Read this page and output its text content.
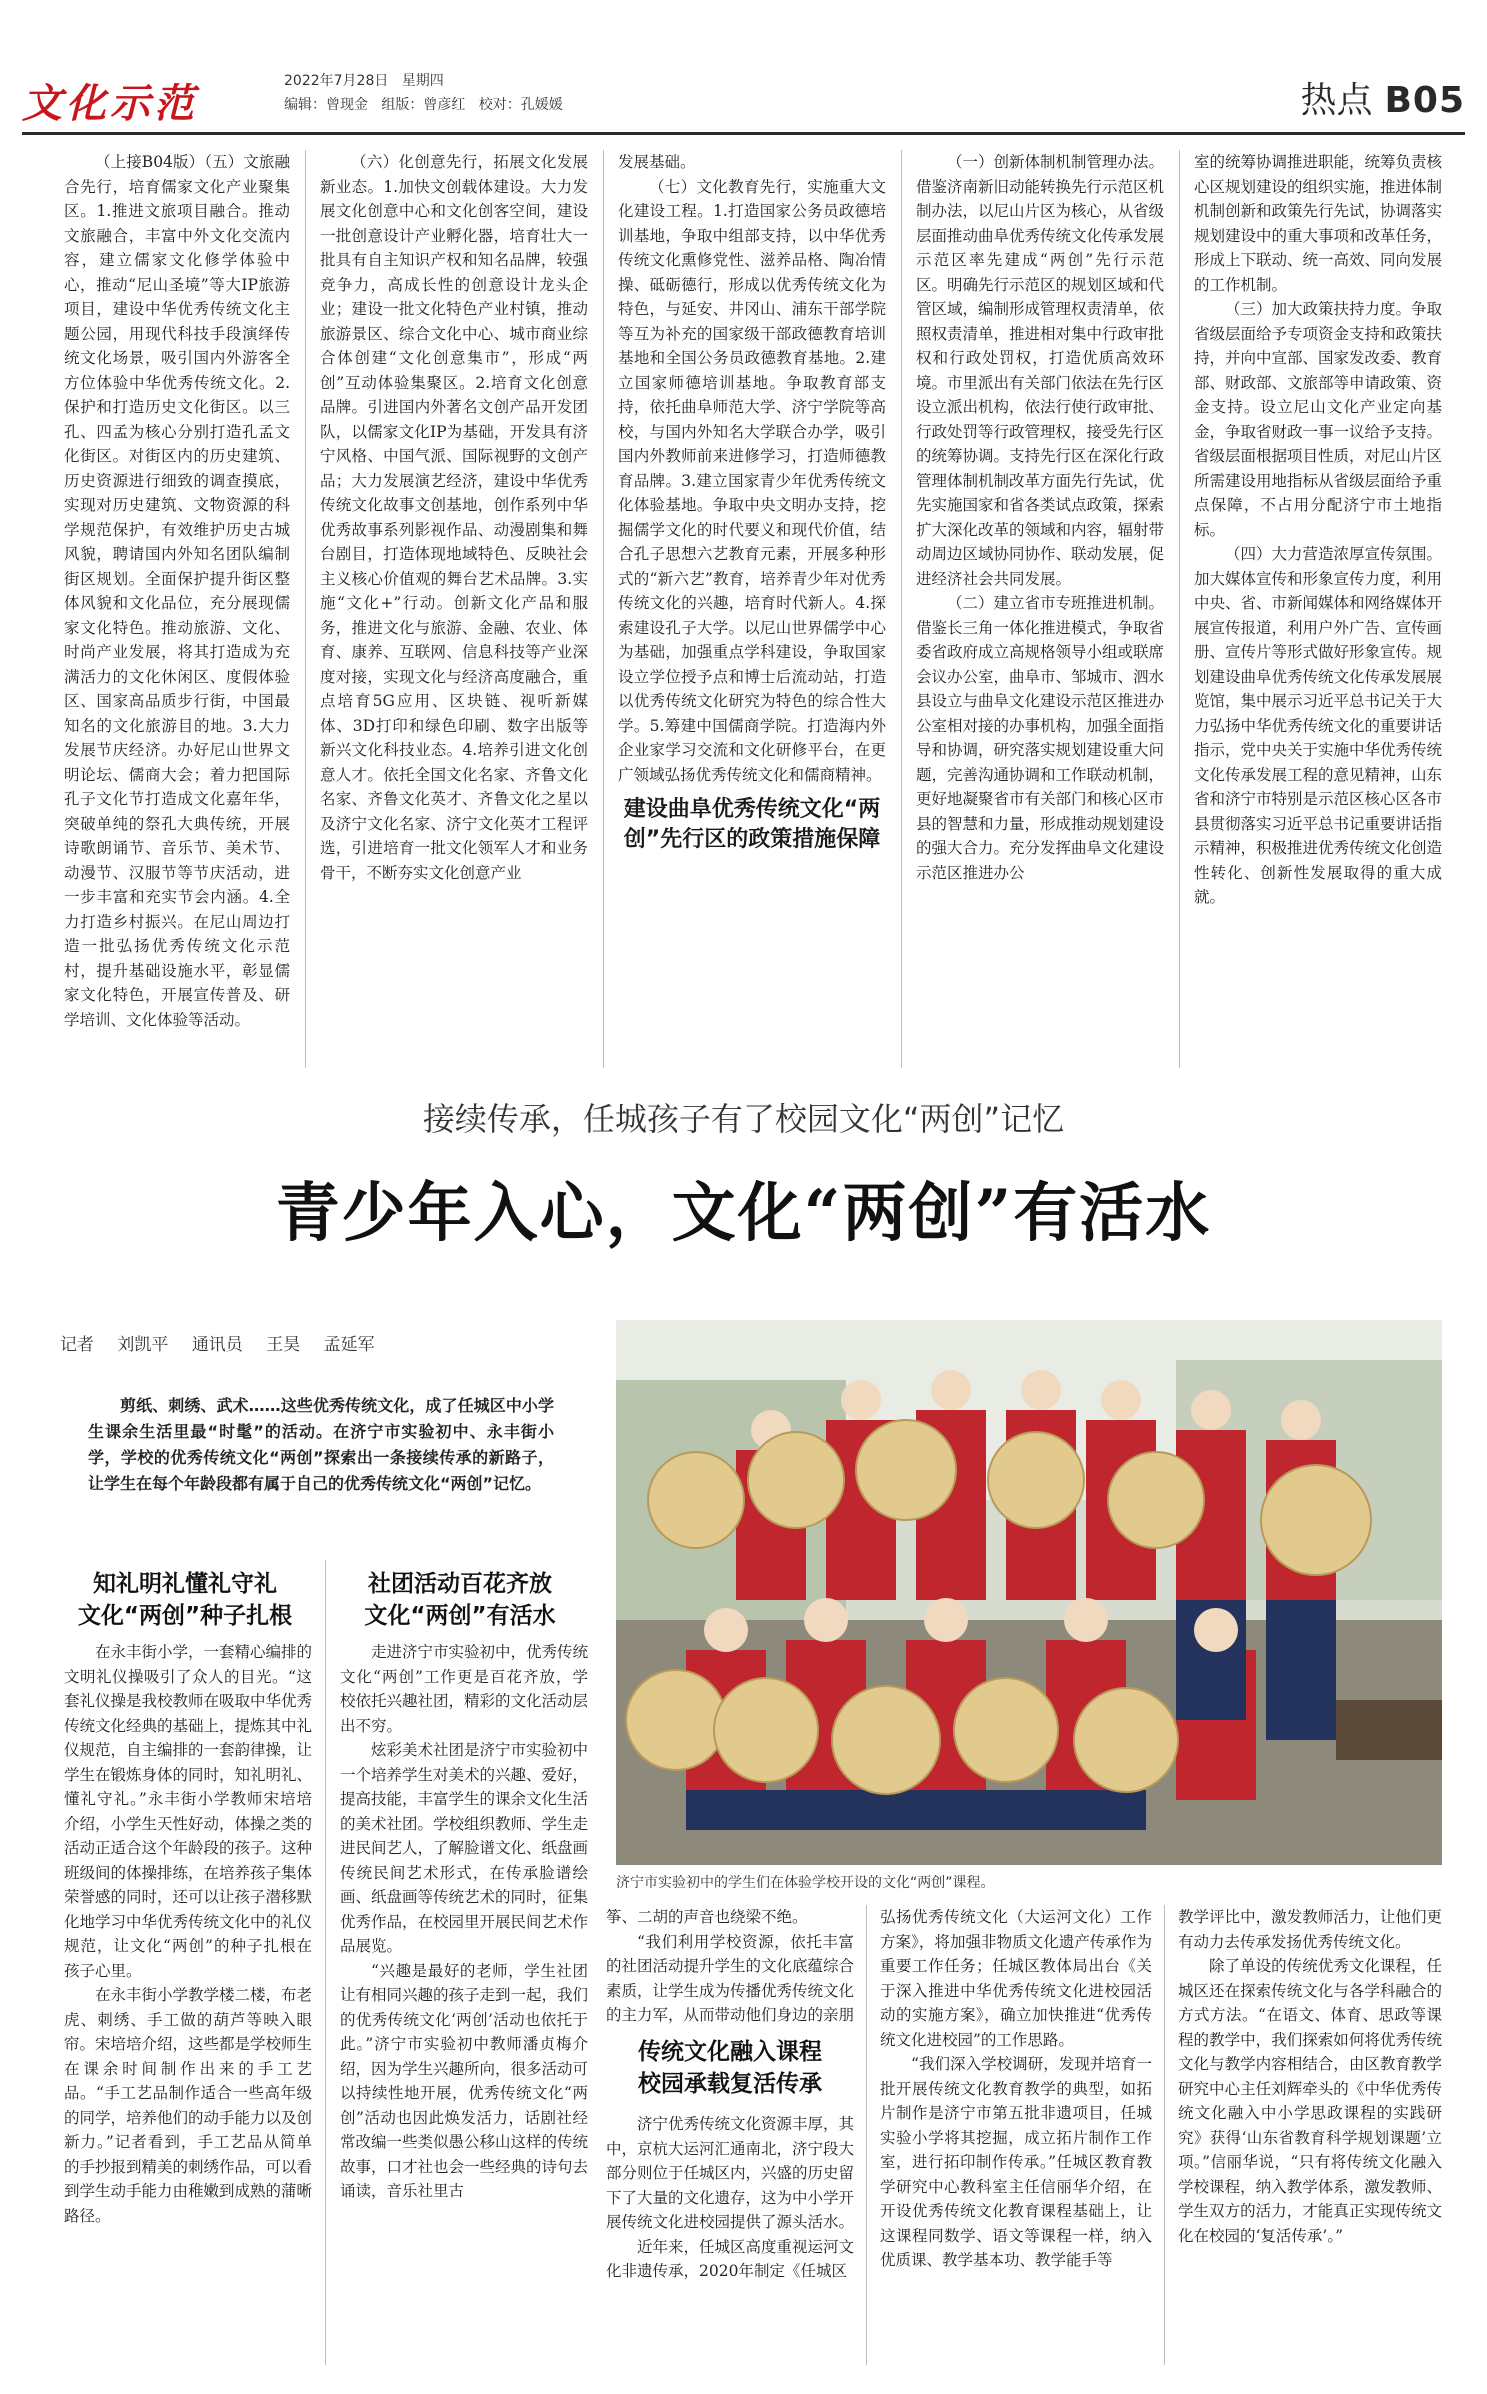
文化示范	2022年7月28日 星期四
编辑：曾现金 组版：曾彦红 校对：孔媛媛	热点 B05

（上接B04版）（五）文旅融合先行，培育儒家文化产业聚集区。1.推进文旅项目融合。推动文旅融合，丰富中外文化交流内容，建立儒家文化修学体验中心，推动“尼山圣境”等大IP旅游项目，建设中华优秀传统文化主题公园，用现代科技手段演绎传统文化场景，吸引国内外游客全方位体验中华优秀传统文化。2.保护和打造历史文化街区。以三孔、四孟为核心分别打造孔孟文化街区。对街区内的历史建筑、历史资源进行细致的调查摸底，实现对历史建筑、文物资源的科学规范保护，有效维护历史古城风貌，聘请国内外知名团队编制街区规划。全面保护提升街区整体风貌和文化品位，充分展现儒家文化特色。推动旅游、文化、时尚产业发展，将其打造成为充满活力的文化休闲区、度假体验区、国家高品质步行街，中国最知名的文化旅游目的地。3.大力发展节庆经济。办好尼山世界文明论坛、儒商大会；着力把国际孔子文化节打造成文化嘉年华，突破单纯的祭孔大典传统，开展诗歌朗诵节、音乐节、美术节、动漫节、汉服节等节庆活动，进一步丰富和充实节会内涵。4.全力打造乡村振兴。在尼山周边打造一批弘扬优秀传统文化示范村，提升基础设施水平，彰显儒家文化特色，开展宣传普及、研学培训、文化体验等活动。

（六）化创意先行，拓展文化发展新业态。1.加快文创载体建设。大力发展文化创意中心和文化创客空间，建设一批创意设计产业孵化器，培育壮大一批具有自主知识产权和知名品牌，较强竞争力，高成长性的创意设计龙头企业；建设一批文化特色产业村镇，推动旅游景区、综合文化中心、城市商业综合体创建“文化创意集市”，形成“两创”互动体验集聚区。2.培育文化创意品牌。引进国内外著名文创产品开发团队，以儒家文化IP为基础，开发具有济宁风格、中国气派、国际视野的文创产品；大力发展演艺经济，建设中华优秀传统文化故事文创基地，创作系列中华优秀故事系列影视作品、动漫剧集和舞台剧目，打造体现地域特色、反映社会主义核心价值观的舞台艺术品牌。3.实施“文化+”行动。创新文化产品和服务，推进文化与旅游、金融、农业、体育、康养、互联网、信息科技等产业深度对接，实现文化与经济高度融合，重点培育5G应用、区块链、视听新媒体、3D打印和绿色印刷、数字出版等新兴文化科技业态。4.培养引进文化创意人才。依托全国文化名家、齐鲁文化名家、齐鲁文化英才、齐鲁文化之星以及济宁文化名家、济宁文化英才工程评选，引进培育一批文化领军人才和业务骨干，不断夯实文化创意产业

发展基础。

（七）文化教育先行，实施重大文化建设工程。1.打造国家公务员政德培训基地，争取中组部支持，以中华优秀传统文化熏修党性、滋养品格、陶冶情操、砥砺德行，形成以优秀传统文化为特色，与延安、井冈山、浦东干部学院等互为补充的国家级干部政德教育培训基地和全国公务员政德教育基地。2.建立国家师德培训基地。争取教育部支持，依托曲阜师范大学、济宁学院等高校，与国内外知名大学联合办学，吸引国内外教师前来进修学习，打造师德教育品牌。3.建立国家青少年优秀传统文化体验基地。争取中央文明办支持，挖掘儒学文化的时代要义和现代价值，结合孔子思想六艺教育元素，开展多种形式的“新六艺”教育，培养青少年对优秀传统文化的兴趣，培育时代新人。4.探索建设孔子大学。以尼山世界儒学中心为基础，加强重点学科建设，争取国家设立学位授予点和博士后流动站，打造以优秀传统文化研究为特色的综合性大学。5.筹建中国儒商学院。打造海内外企业家学习交流和文化研修平台，在更广领域弘扬优秀传统文化和儒商精神。

建设曲阜优秀传统文化“两创”先行区的政策措施保障

（一）创新体制机制管理办法。借鉴济南新旧动能转换先行示范区机制办法，以尼山片区为核心，从省级层面推动曲阜优秀传统文化传承发展示范区率先建成“两创”先行示范区。明确先行示范区的规划区域和代管区域，编制形成管理权责清单，依照权责清单，推进相对集中行政审批权和行政处罚权，打造优质高效环境。市里派出有关部门依法在先行区设立派出机构，依法行使行政审批、行政处罚等行政管理权，接受先行区的统筹协调。支持先行区在深化行政管理体制机制改革方面先行先试，优先实施国家和省各类试点政策，探索扩大深化改革的领域和内容，辐射带动周边区域协同协作、联动发展，促进经济社会共同发展。

（二）建立省市专班推进机制。借鉴长三角一体化推进模式，争取省委省政府成立高规格领导小组或联席会议办公室，曲阜市、邹城市、泗水县设立与曲阜文化建设示范区推进办公室相对接的办事机构，加强全面指导和协调，研究落实规划建设重大问题，完善沟通协调和工作联动机制，更好地凝聚省市有关部门和核心区市县的智慧和力量，形成推动规划建设的强大合力。充分发挥曲阜文化建设示范区推进办公

室的统筹协调推进职能，统筹负责核心区规划建设的组织实施，推进体制机制创新和政策先行先试，协调落实规划建设中的重大事项和改革任务，形成上下联动、统一高效、同向发展的工作机制。

（三）加大政策扶持力度。争取省级层面给予专项资金支持和政策扶持，并向中宣部、国家发改委、教育部、财政部、文旅部等申请政策、资金支持。设立尼山文化产业定向基金，争取省财政一事一议给予支持。省级层面根据项目性质，对尼山片区所需建设用地指标从省级层面给予重点保障，不占用分配济宁市土地指标。

（四）大力营造浓厚宣传氛围。加大媒体宣传和形象宣传力度，利用中央、省、市新闻媒体和网络媒体开展宣传报道，利用户外广告、宣传画册、宣传片等形式做好形象宣传。规划建设曲阜优秀传统文化传承发展展览馆，集中展示习近平总书记关于大力弘扬中华优秀传统文化的重要讲话指示，党中央关于实施中华优秀传统文化传承发展工程的意见精神，山东省和济宁市特别是示范区核心区各市县贯彻落实习近平总书记重要讲话指示精神，积极推进优秀传统文化创造性转化、创新性发展取得的重大成就。

接续传承，任城孩子有了校园文化“两创”记忆
青少年入心，文化“两创”有活水
记者 刘凯平 通讯员 王昊 孟延军

剪纸、刺绣、武术……这些优秀传统文化，成了任城区中小学生课余生活里最“时髦”的活动。在济宁市实验初中、永丰街小学，学校的优秀传统文化“两创”探索出一条接续传承的新路子，让学生在每个年龄段都有属于自己的优秀传统文化“两创”记忆。

济宁市实验初中的学生们在体验学校开设的文化“两创”课程。
知礼明礼懂礼守礼
文化“两创”种子扎根
社团活动百花齐放
文化“两创”有活水

在永丰街小学，一套精心编排的文明礼仪操吸引了众人的目光。“这套礼仪操是我校教师在吸取中华优秀传统文化经典的基础上，提炼其中礼仪规范，自主编排的一套韵律操，让学生在锻炼身体的同时，知礼明礼、懂礼守礼。”永丰街小学教师宋培培介绍，小学生天性好动，体操之类的活动正适合这个年龄段的孩子。这种班级间的体操排练，在培养孩子集体荣誉感的同时，还可以让孩子潜移默化地学习中华优秀传统文化中的礼仪规范，让文化“两创”的种子扎根在孩子心里。

在永丰街小学教学楼二楼，布老虎、刺绣、手工做的葫芦等映入眼帘。宋培培介绍，这些都是学校师生在课余时间制作出来的手工艺品。“手工艺品制作适合一些高年级的同学，培养他们的动手能力以及创新力。”记者看到，手工艺品从简单的手抄报到精美的刺绣作品，可以看到学生动手能力由稚嫩到成熟的蒲晰路径。

走进济宁市实验初中，优秀传统文化“两创”工作更是百花齐放，学校依托兴趣社团，精彩的文化活动层出不穷。

炫彩美术社团是济宁市实验初中一个培养学生对美术的兴趣、爱好，提高技能，丰富学生的课余文化生活的美术社团。学校组织教师、学生走进民间艺人，了解脸谱文化、纸盘画传统民间艺术形式，在传承脸谱绘画、纸盘画等传统艺术的同时，征集优秀作品，在校园里开展民间艺术作品展览。

“兴趣是最好的老师，学生社团让有相同兴趣的孩子走到一起，我们的优秀传统文化‘两创’活动也依托于此。”济宁市实验初中教师潘贞梅介绍，因为学生兴趣所向，很多活动可以持续性地开展，优秀传统文化“两创”活动也因此焕发活力，话剧社经常改编一些类似愚公移山这样的传统故事，口才社也会一些经典的诗句去诵读，音乐社里古

筝、二胡的声音也绕梁不绝。

“我们利用学校资源，依托丰富的社团活动提升学生的文化底蕴综合素质，让学生成为传播优秀传统文化的主力军，从而带动他们身边的亲朋

传统文化融入课程
校园承载复活传承

济宁优秀传统文化资源丰厚，其中，京杭大运河汇通南北，济宁段大部分则位于任城区内，兴盛的历史留下了大量的文化遗存，这为中小学开展传统文化进校园提供了源头活水。

近年来，任城区高度重视运河文化非遗传承，2020年制定《任城区

弘扬优秀传统文化（大运河文化）工作方案》，将加强非物质文化遗产传承作为重要工作任务；任城区教体局出台《关于深入推进中华优秀传统文化进校园活动的实施方案》，确立加快推进“优秀传统文化进校园”的工作思路。

“我们深入学校调研，发现并培育一批开展传统文化教育教学的典型，如拓片制作是济宁市第五批非遗项目，任城实验小学将其挖掘，成立拓片制作工作室，进行拓印制作传承。”任城区教育教学研究中心教科室主任信丽华介绍，在开设优秀传统文化教育课程基础上，让这课程同数学、语文等课程一样，纳入优质课、教学基本功、教学能手等

教学评比中，激发教师活力，让他们更有动力去传承发扬优秀传统文化。

除了单设的传统优秀文化课程，任城区还在探索传统文化与各学科融合的方式方法。“在语文、体育、思政等课程的教学中，我们探索如何将优秀传统文化与教学内容相结合，由区教育教学研究中心主任刘辉牵头的《中华优秀传统文化融入中小学思政课程的实践研究》获得‘山东省教育科学规划课题’立项。”信丽华说，“只有将传统文化融入学校课程，纳入教学体系，激发教师、学生双方的活力，才能真正实现传统文化在校园的‘复活传承’。”
